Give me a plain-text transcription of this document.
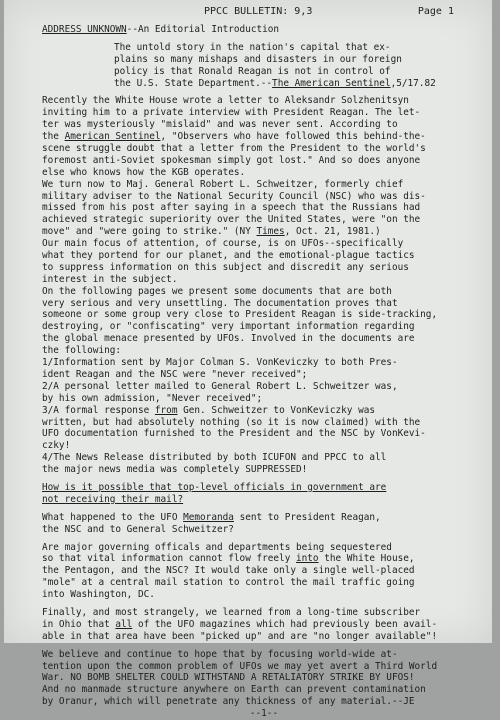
PPCC BULLETIN: 9,3	Page 1
ADDRESS UNKNOWN--An Editorial Introduction
The untold story in the nation's capital that ex-
plains so many mishaps and disasters in our foreign
policy is that Ronald Reagan is not in control of
the U.S. State Department.--The American Sentinel,5/17.82
Recently the White House wrote a letter to Aleksandr Solzhenitsyn
inviting him to a private interview with President Reagan. The let-
ter was mysteriously "mislaid" and was never sent. According to
the American Sentinel, "Observers who have followed this behind-the-
scene struggle doubt that a letter from the President to the world's
foremost anti-Soviet spokesman simply got lost." And so does anyone
else who knows how the KGB operates.
We turn now to Maj. General Robert L. Schweitzer, formerly chief
military adviser to the National Security Council (NSC) who was dis-
missed from his post after saying in a speech that the Russians had
achieved strategic superiority over the United States, were "on the
move" and "were going to strike." (NY Times, Oct. 21, 1981.)
Our main focus of attention, of course, is on UFOs--specifically
what they portend for our planet, and the emotional-plague tactics
to suppress information on this subject and discredit any serious
interest in the subject.
On the following pages we present some documents that are both
very serious and very unsettling. The documentation proves that
someone or some group very close to President Reagan is side-tracking,
destroying, or "confiscating" very important information regarding
the global menace presented by UFOs. Involved in the documents are
the following:
1/Information sent by Major Colman S. VonKeviczky to both Pres-
ident Reagan and the NSC were "never received";
2/A personal letter mailed to General Robert L. Schweitzer was,
by his own admission, "Never received";
3/A formal response from Gen. Schweitzer to VonKeviczky was
written, but had absolutely nothing (so it is now claimed) with the
UFO documentation furnished to the President and the NSC by VonKevi-
czky!
4/The News Release distributed by both ICUFON and PPCC to all
the major news media was completely SUPPRESSED!
How is it possible that top-level officials in government are
not receiving their mail?
What happened to the UFO Memoranda sent to President Reagan,
the NSC and to General Schweitzer?
Are major governing officals and departments being sequestered
so that vital information cannot flow freely into the White House,
the Pentagon, and the NSC? It would take only a single well-placed
"mole" at a central mail station to control the mail traffic going
into Washington, DC.
Finally, and most strangely, we learned from a long-time subscriber
in Ohio that all of the UFO magazines which had previously been avail-
able in that area have been "picked up" and are "no longer available"!
We believe and continue to hope that by focusing world-wide at-
tention upon the common problem of UFOs we may yet avert a Third World
War. NO BOMB SHELTER COULD WITHSTAND A RETALIATORY STRIKE BY UFOS!
And no manmade structure anywhere on Earth can prevent contamination
by Oranur, which will penetrate any thickness of any material.--JE
--1--
